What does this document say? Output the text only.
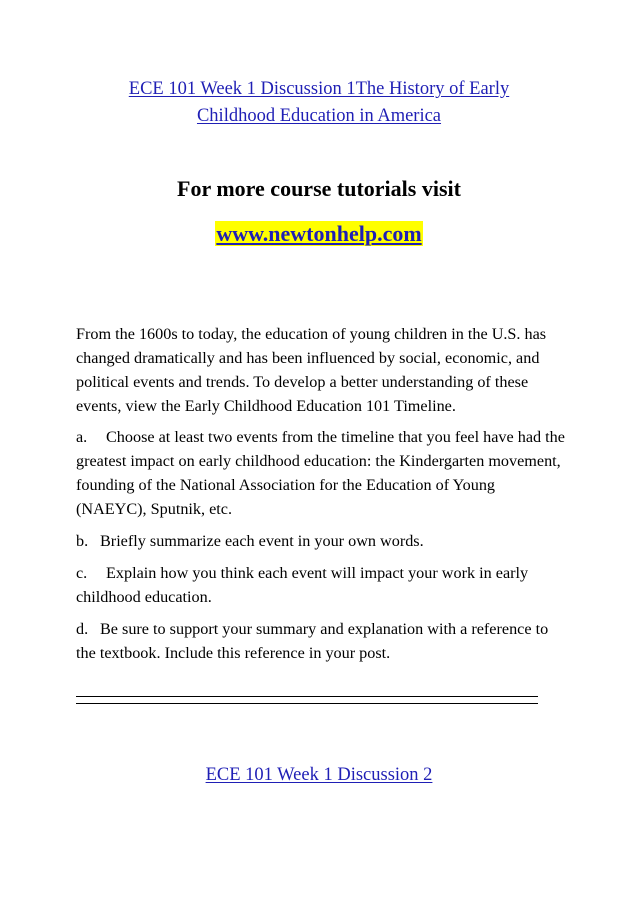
ECE 101 Week 1 Discussion 1The History of Early
Childhood Education in America
For more course tutorials visit
www.newtonhelp.com

From the 1600s to today, the education of young children in the U.S. has changed dramatically and has been influenced by social, economic, and political events and trends. To develop a better understanding of these events, view the Early Childhood Education 101 Timeline.

a. Choose at least two events from the timeline that you feel have had the greatest impact on early childhood education: the Kindergarten movement, founding of the National Association for the Education of Young (NAEYC), Sputnik, etc.

b. Briefly summarize each event in your own words.

c. Explain how you think each event will impact your work in early childhood education.

d. Be sure to support your summary and explanation with a reference to the textbook. Include this reference in your post.

ECE 101 Week 1 Discussion 2
